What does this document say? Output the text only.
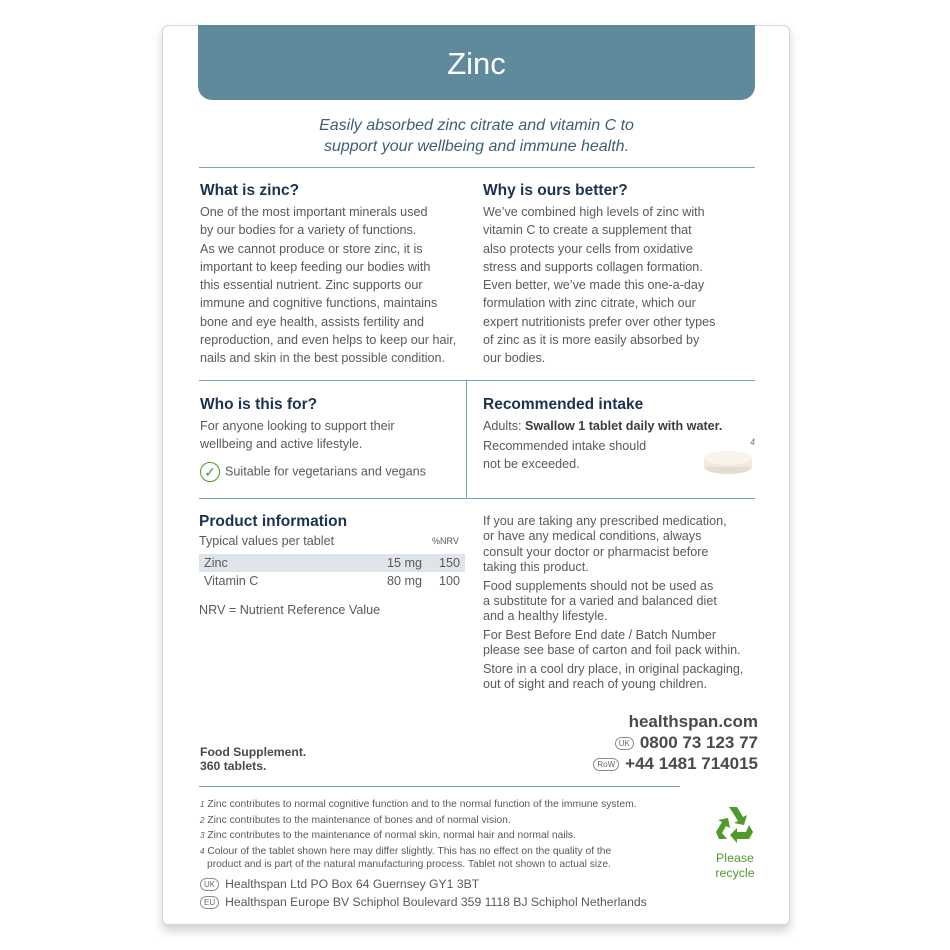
Zinc
Easily absorbed zinc citrate and vitamin C to
support your wellbeing and immune health.
What is zinc?
One of the most important minerals used
by our bodies for a variety of functions.
As we cannot produce or store zinc, it is
important to keep feeding our bodies with
this essential nutrient. Zinc supports our
immune and cognitive functions, maintains
bone and eye health, assists fertility and
reproduction, and even helps to keep our hair,
nails and skin in the best possible condition.
Why is ours better?
We’ve combined high levels of zinc with
vitamin C to create a supplement that
also protects your cells from oxidative
stress and supports collagen formation.
Even better, we’ve made this one-a-day
formulation with zinc citrate, which our
expert nutritionists prefer over other types
of zinc as it is more easily absorbed by
our bodies.
Who is this for?
For anyone looking to support their
wellbeing and active lifestyle.
✓ Suitable for vegetarians and vegans
Recommended intake
Adults: Swallow 1 tablet daily with water.
Recommended intake should
not be exceeded.
4
Product information
Typical values per tablet	%NRV
Zinc	15 mg	150
Vitamin C	80 mg	100
NRV = Nutrient Reference Value
If you are taking any prescribed medication,
or have any medical conditions, always
consult your doctor or pharmacist before
taking this product.
Food supplements should not be used as
a substitute for a varied and balanced diet
and a healthy lifestyle.
For Best Before End date / Batch Number
please see base of carton and foil pack within.
Store in a cool dry place, in original packaging,
out of sight and reach of young children.
Food Supplement.
360 tablets.
healthspan.com
UK 0800 73 123 77
RoW +44 1481 714015
$^1$ Zinc contributes to normal cognitive function and to the normal function of the immune system.
$^2$ Zinc contributes to the maintenance of bones and of normal vision.
$^3$ Zinc contributes to the maintenance of normal skin, normal hair and normal nails.
$^4$ Colour of the tablet shown here may differ slightly. This has no effect on the quality of the
product and is part of the natural manufacturing process. Tablet not shown to actual size.
UK Healthspan Ltd PO Box 64 Guernsey GY1 3BT
EU Healthspan Europe BV Schiphol Boulevard 359 1118 BJ Schiphol Netherlands
Please
recycle
